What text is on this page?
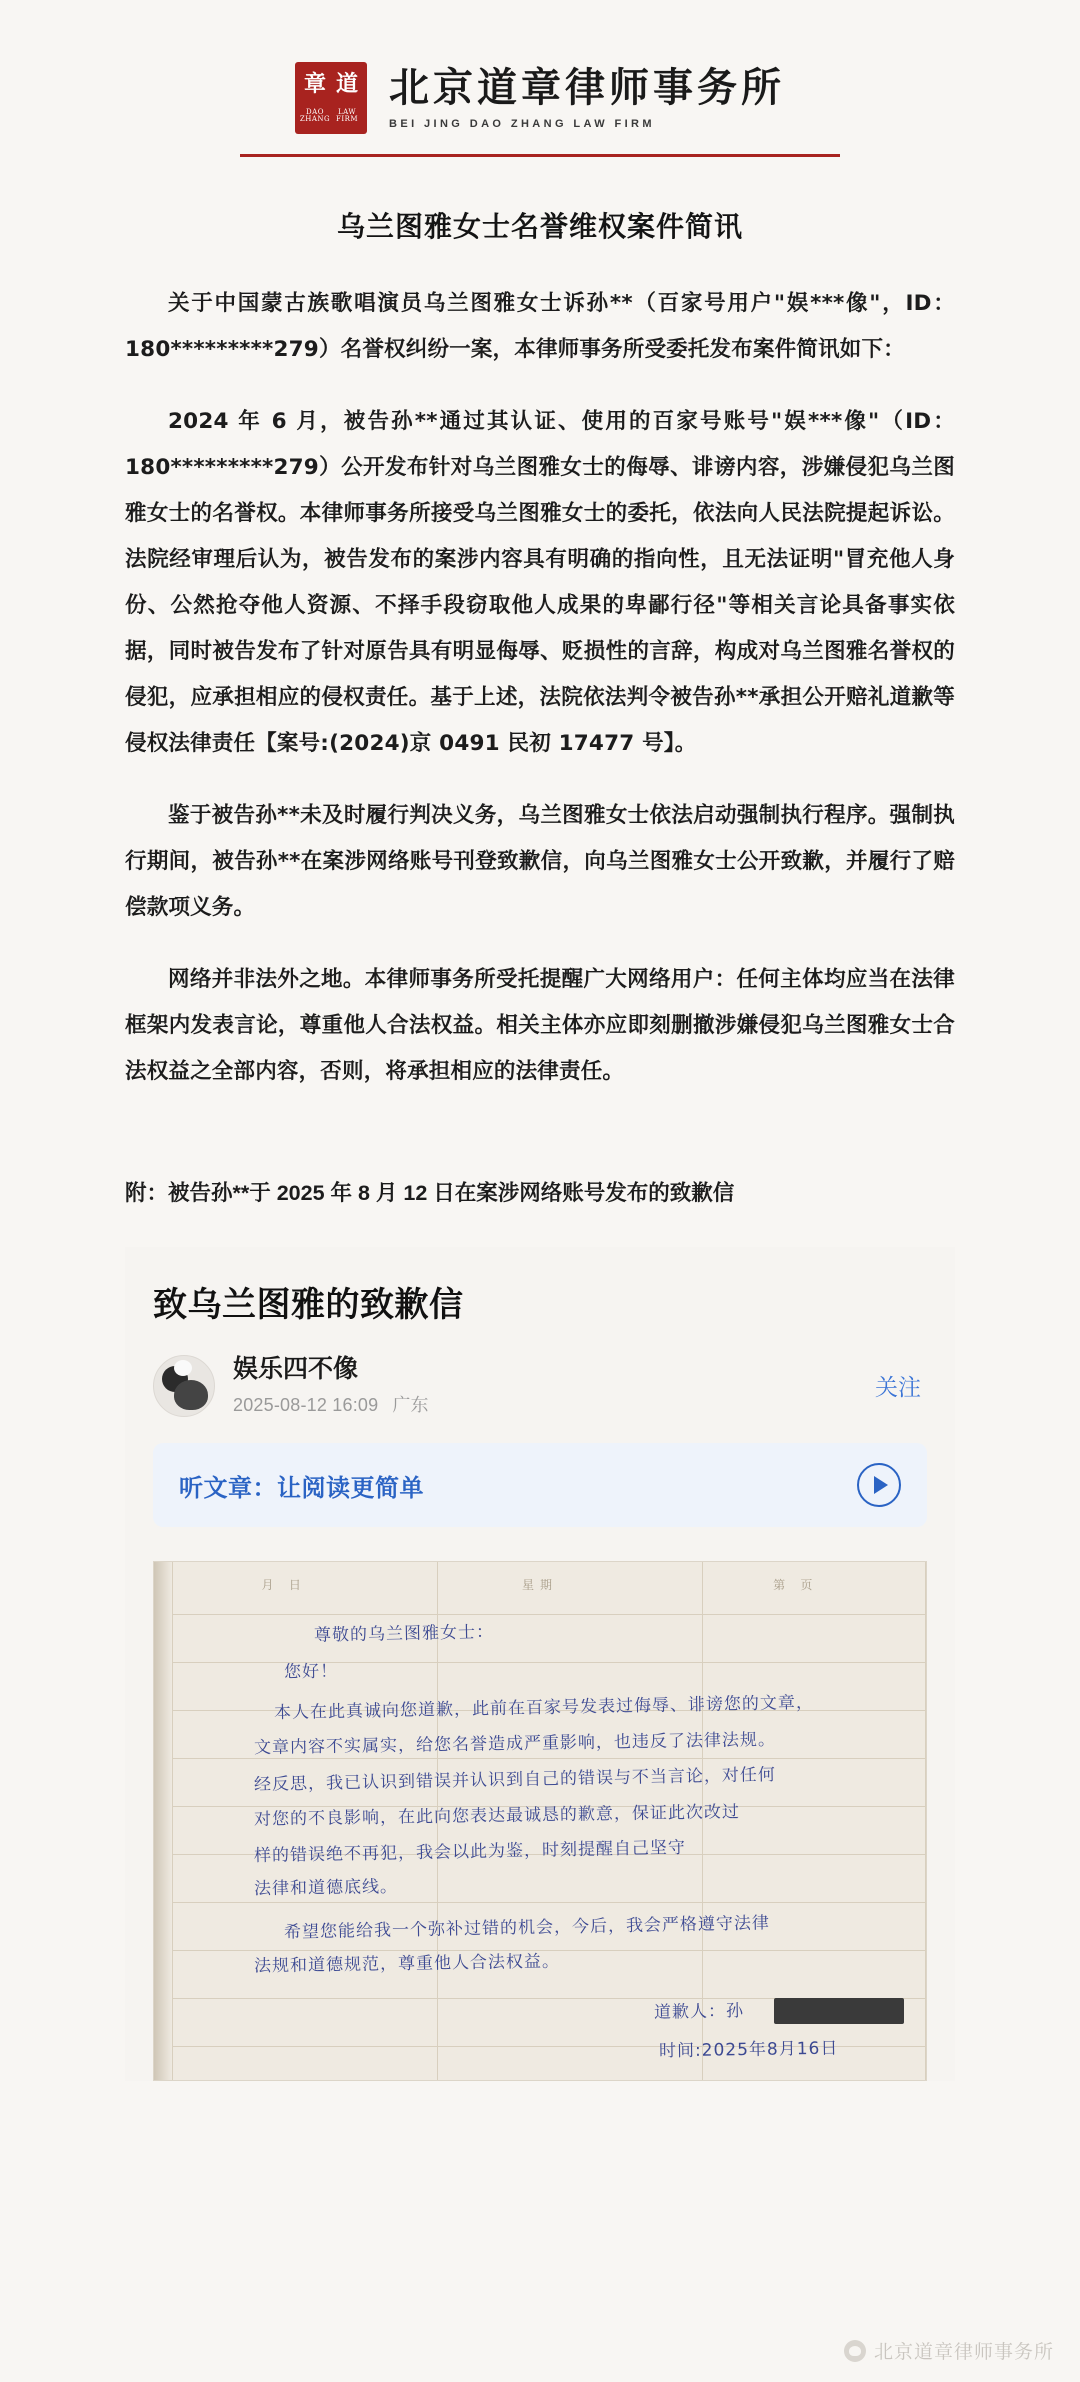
章 道
DAO ZHANG
LAW FIRM
北京道章律师事务所
BEI JING DAO ZHANG LAW FIRM
乌兰图雅女士名誉维权案件简讯

关于中国蒙古族歌唱演员乌兰图雅女士诉孙**（百家号用户"娱***像"，ID：180*********279）名誉权纠纷一案，本律师事务所受委托发布案件简讯如下：

2024 年 6 月，被告孙**通过其认证、使用的百家号账号"娱***像"（ID：180*********279）公开发布针对乌兰图雅女士的侮辱、诽谤内容，涉嫌侵犯乌兰图雅女士的名誉权。本律师事务所接受乌兰图雅女士的委托，依法向人民法院提起诉讼。法院经审理后认为，被告发布的案涉内容具有明确的指向性，且无法证明"冒充他人身份、公然抢夺他人资源、不择手段窃取他人成果的卑鄙行径"等相关言论具备事实依据，同时被告发布了针对原告具有明显侮辱、贬损性的言辞，构成对乌兰图雅名誉权的侵犯，应承担相应的侵权责任。基于上述，法院依法判令被告孙**承担公开赔礼道歉等侵权法律责任【案号:(2024)京 0491 民初 17477 号】。

鉴于被告孙**未及时履行判决义务，乌兰图雅女士依法启动强制执行程序。强制执行期间，被告孙**在案涉网络账号刊登致歉信，向乌兰图雅女士公开致歉，并履行了赔偿款项义务。

网络并非法外之地。本律师事务所受托提醒广大网络用户：任何主体均应当在法律框架内发表言论，尊重他人合法权益。相关主体亦应即刻删撤涉嫌侵犯乌兰图雅女士合法权益之全部内容，否则，将承担相应的法律责任。

附：被告孙**于 2025 年 8 月 12 日在案涉网络账号发布的致歉信

致乌兰图雅的致歉信
娱乐四不像
2025-08-12 16:09 广东
关注
听文章：让阅读更简单
月 日	星期	第 页
尊敬的乌兰图雅女士：
您好！
本人在此真诚向您道歉，此前在百家号发表过侮辱、诽谤您的文章，
文章内容不实属实，给您名誉造成严重影响，也违反了法律法规。
经反思，我已认识到错误并认识到自己的错误与不当言论，对任何
对您的不良影响，在此向您表达最诚恳的歉意，保证此次改过
样的错误绝不再犯，我会以此为鉴，时刻提醒自己坚守
法律和道德底线。
希望您能给我一个弥补过错的机会，今后，我会严格遵守法律
法规和道德规范，尊重他人合法权益。
道歉人：孙
时间:2025年8月16日
北京道章律师事务所
